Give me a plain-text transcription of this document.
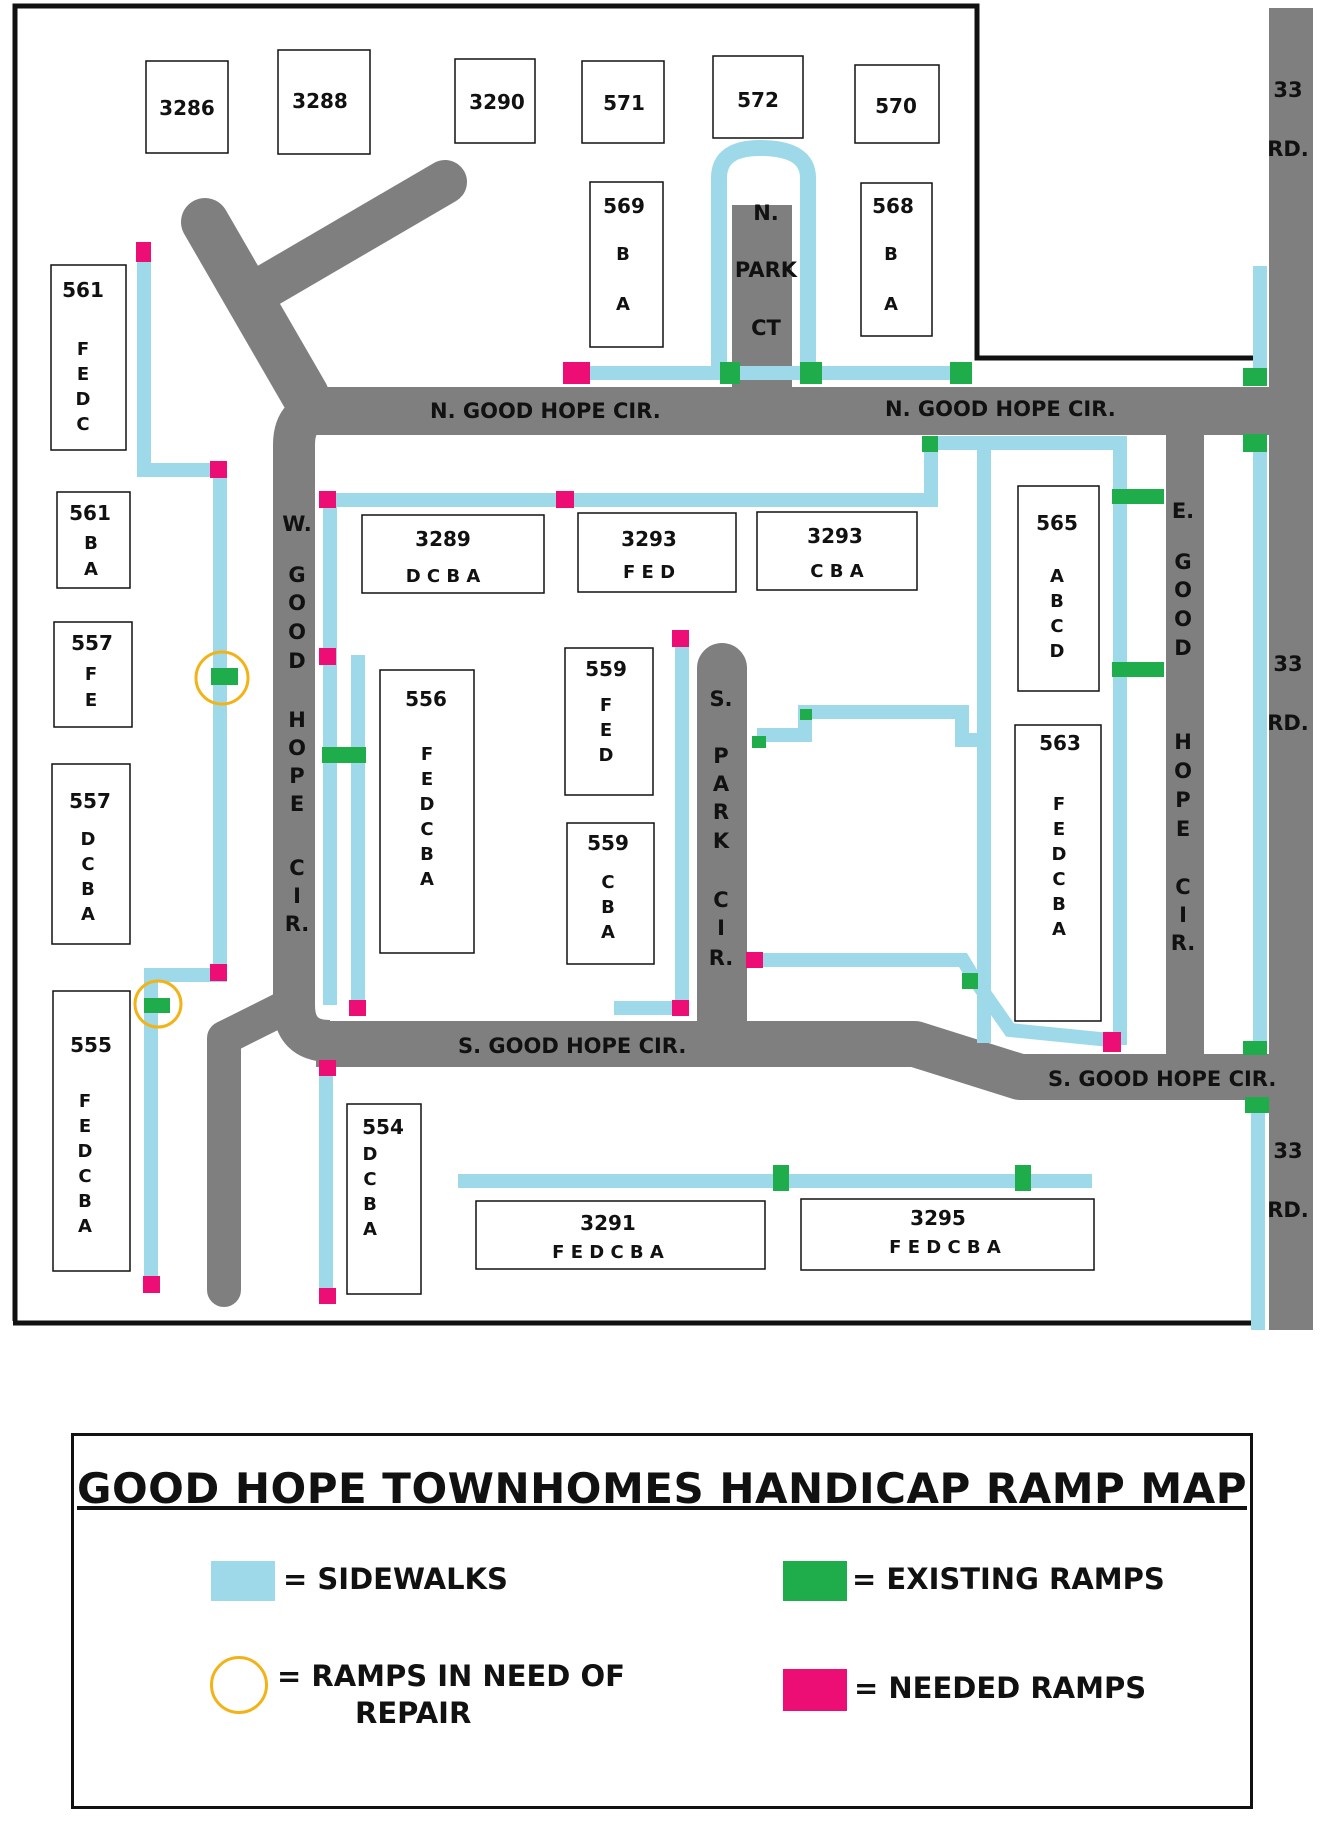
3286	3288	3290	571	572	570
569
B A
568
B A
561
F E D C
561
B A
557
F E
557
D C B A
555
F E D C B A
3289
D C B A
3293
F E D
3293
C B A
565
A B C D
556
F E D C B A
559
F E D
559
C B A
563
F E D C B A
554
D C B A	3291
F E D C B A
3295
F E D C B A
N. GOOD HOPE CIR.	N. GOOD HOPE CIR.
S. GOOD HOPE CIR.
S. GOOD HOPE CIR.
N. PARK CT
W. G O O D H O P E C I R.
E. G O O D H O P E C I R.
S. P A R K C I R.
33 RD.
33 RD.
33 RD.
GOOD HOPE TOWNHOMES HANDICAP RAMP MAP
= SIDEWALKS	= EXISTING RAMPS
= RAMPS IN NEED OF
REPAIR
= NEEDED RAMPS
